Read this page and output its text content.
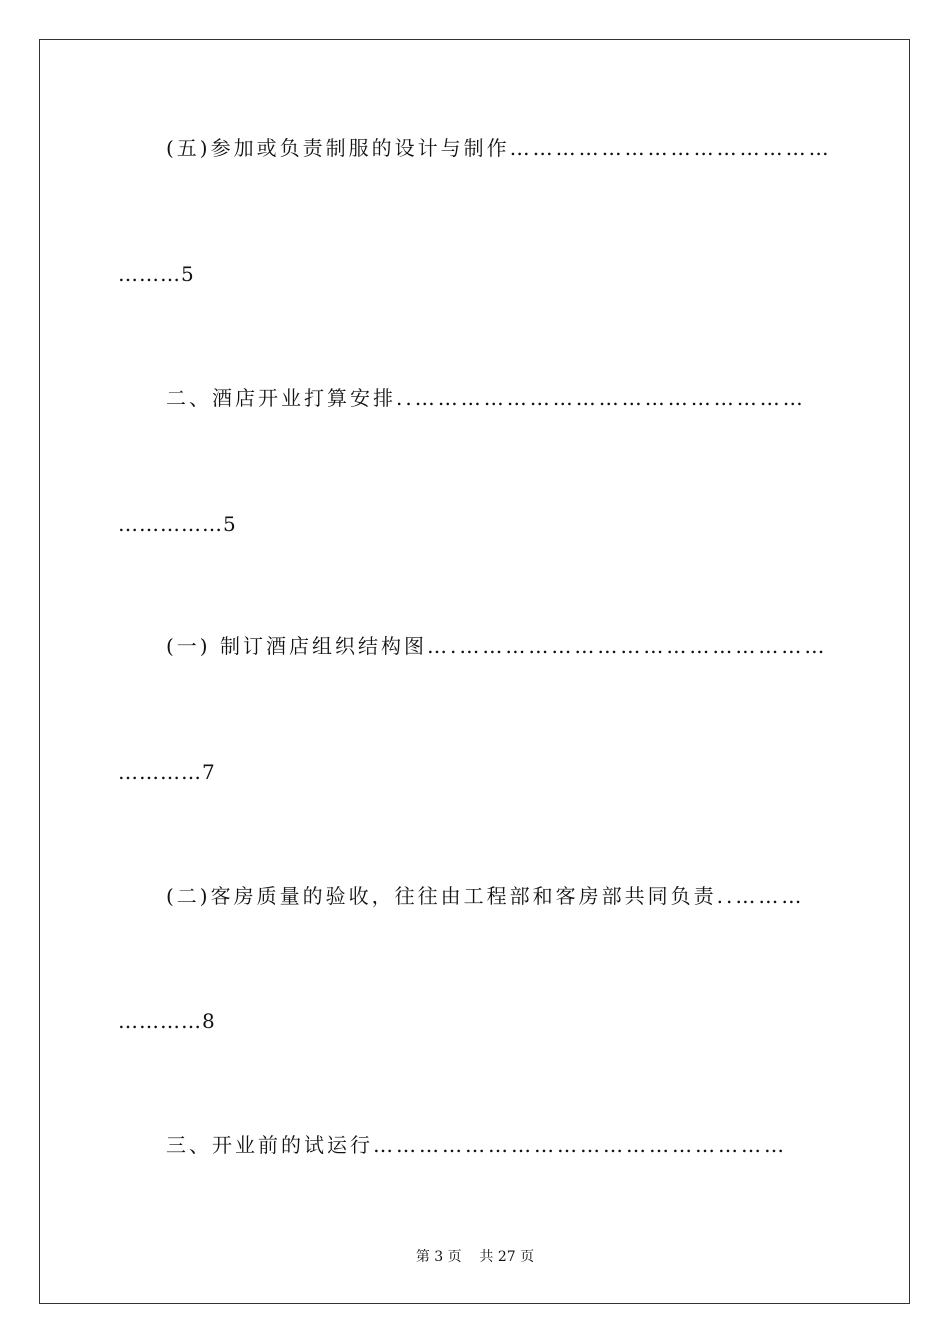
(五)参加或负责制服的设计与制作……………………………………
………5
二、酒店开业打算安排..……………………………………………
……………5
(一) 制订酒店组织结构图….…………………………………………
…………7
(二)客房质量的验收，往往由工程部和客房部共同负责..………
…………8
三、开业前的试运行………………………………………………
第 3 页    共 27 页
